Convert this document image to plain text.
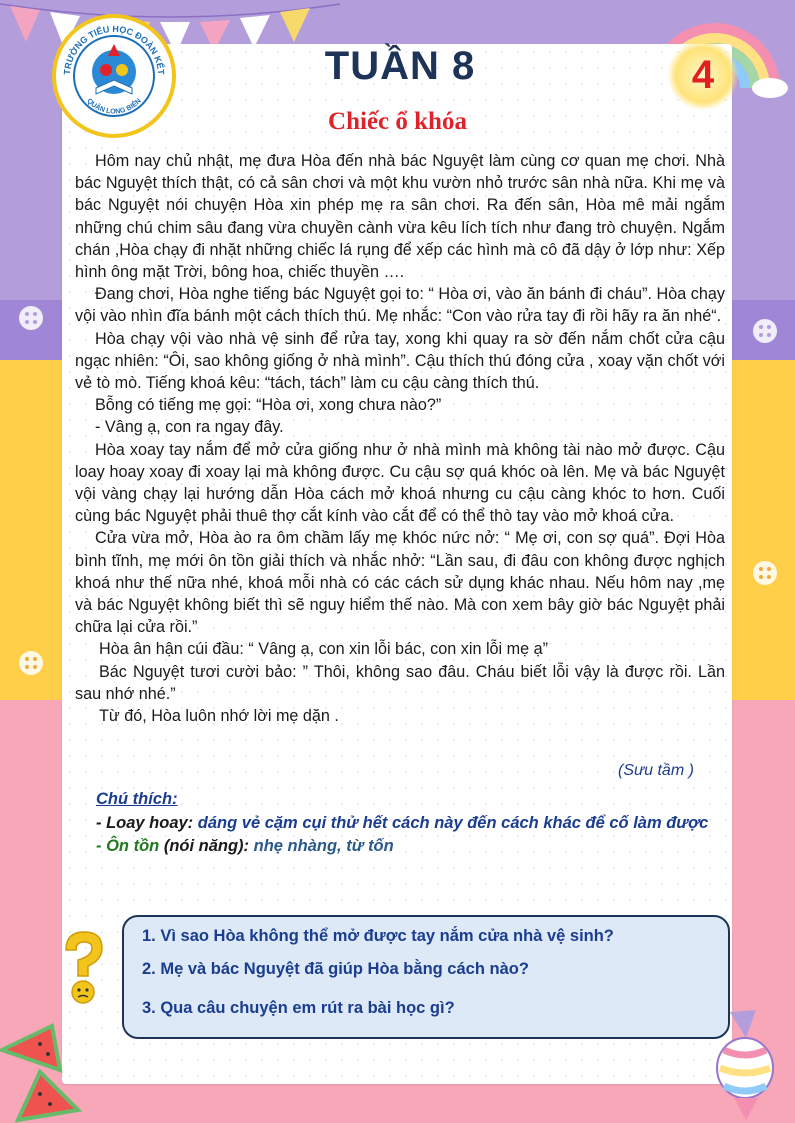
TRƯỜNG TIỂU HỌC ĐOÀN KẾT
QUẬN LONG BIÊN
TUẦN 8	4
Chiếc ổ khóa

Hôm nay chủ nhật, mẹ đưa Hòa đến nhà bác Nguyệt làm cùng cơ quan mẹ chơi. Nhà bác Nguyệt thích thật, có cả sân chơi và một khu vườn nhỏ trước sân nhà nữa. Khi mẹ và bác Nguyệt nói chuyện Hòa xin phép mẹ ra sân chơi. Ra đến sân, Hòa mê mải ngắm những chú chim sâu đang vừa chuyền cành vừa kêu lích tích như đang trò chuyện. Ngắm chán ,Hòa chạy đi nhặt những chiếc lá rụng để xếp các hình mà cô đã dậy ở lớp như: Xếp hình ông mặt Trời, bông hoa, chiếc thuyền ….

Đang chơi, Hòa nghe tiếng bác Nguyệt gọi to: “ Hòa ơi, vào ăn bánh đi cháu”. Hòa chạy vội vào nhìn đĩa bánh một cách thích thú. Mẹ nhắc: “Con vào rửa tay đi rồi hãy ra ăn nhé“.

Hòa chạy vội vào nhà vệ sinh để rửa tay, xong khi quay ra sờ đến nắm chốt cửa cậu ngạc nhiên: “Ôi, sao không giống ở nhà mình”. Cậu thích thú đóng cửa , xoay vặn chốt với vẻ tò mò. Tiếng khoá kêu: “tách, tách” làm cu cậu càng thích thú.

Bỗng có tiếng mẹ gọi: “Hòa ơi, xong chưa nào?”

- Vâng ạ, con ra ngay đây.

Hòa xoay tay nắm để mở cửa giống như ở nhà mình mà không tài nào mở được. Cậu loay hoay xoay đi xoay lại mà không được. Cu cậu sợ quá khóc oà lên. Mẹ và bác Nguyệt vội vàng chạy lại hướng dẫn Hòa cách mở khoá nhưng cu cậu càng khóc to hơn. Cuối cùng bác Nguyệt phải thuê thợ cắt kính vào cắt để có thể thò tay vào mở khoá cửa.

Cửa vừa mở, Hòa ào ra ôm chầm lấy mẹ khóc nức nở: “ Mẹ ơi, con sợ quá”. Đợi Hòa bình tĩnh, mẹ mới ôn tồn giải thích và nhắc nhở: “Lần sau, đi đâu con không được nghịch khoá như thế nữa nhé, khoá mỗi nhà có các cách sử dụng khác nhau. Nếu hôm nay ,mẹ và bác Nguyệt không biết thì sẽ nguy hiểm thế nào. Mà con xem bây giờ bác Nguyệt phải chữa lại cửa rồi.”

Hòa ân hận cúi đầu: “ Vâng ạ, con xin lỗi bác, con xin lỗi mẹ ạ”

Bác Nguyệt tươi cười bảo: ” Thôi, không sao đâu. Cháu biết lỗi vậy là được rồi. Lần sau nhớ nhé.”

Từ đó, Hòa luôn nhớ lời mẹ dặn .

(Sưu tầm )
Chú thích:
- Loay hoay: dáng vẻ cặm cụi thử hết cách này đến cách khác để cố làm được
- Ôn tồn (nói năng): nhẹ nhàng, từ tốn
1. Vì sao Hòa không thể mở được tay nắm cửa nhà vệ sinh?
2. Mẹ và bác Nguyệt đã giúp Hòa bằng cách nào?
3. Qua câu chuyện em rút ra bài học gì?
